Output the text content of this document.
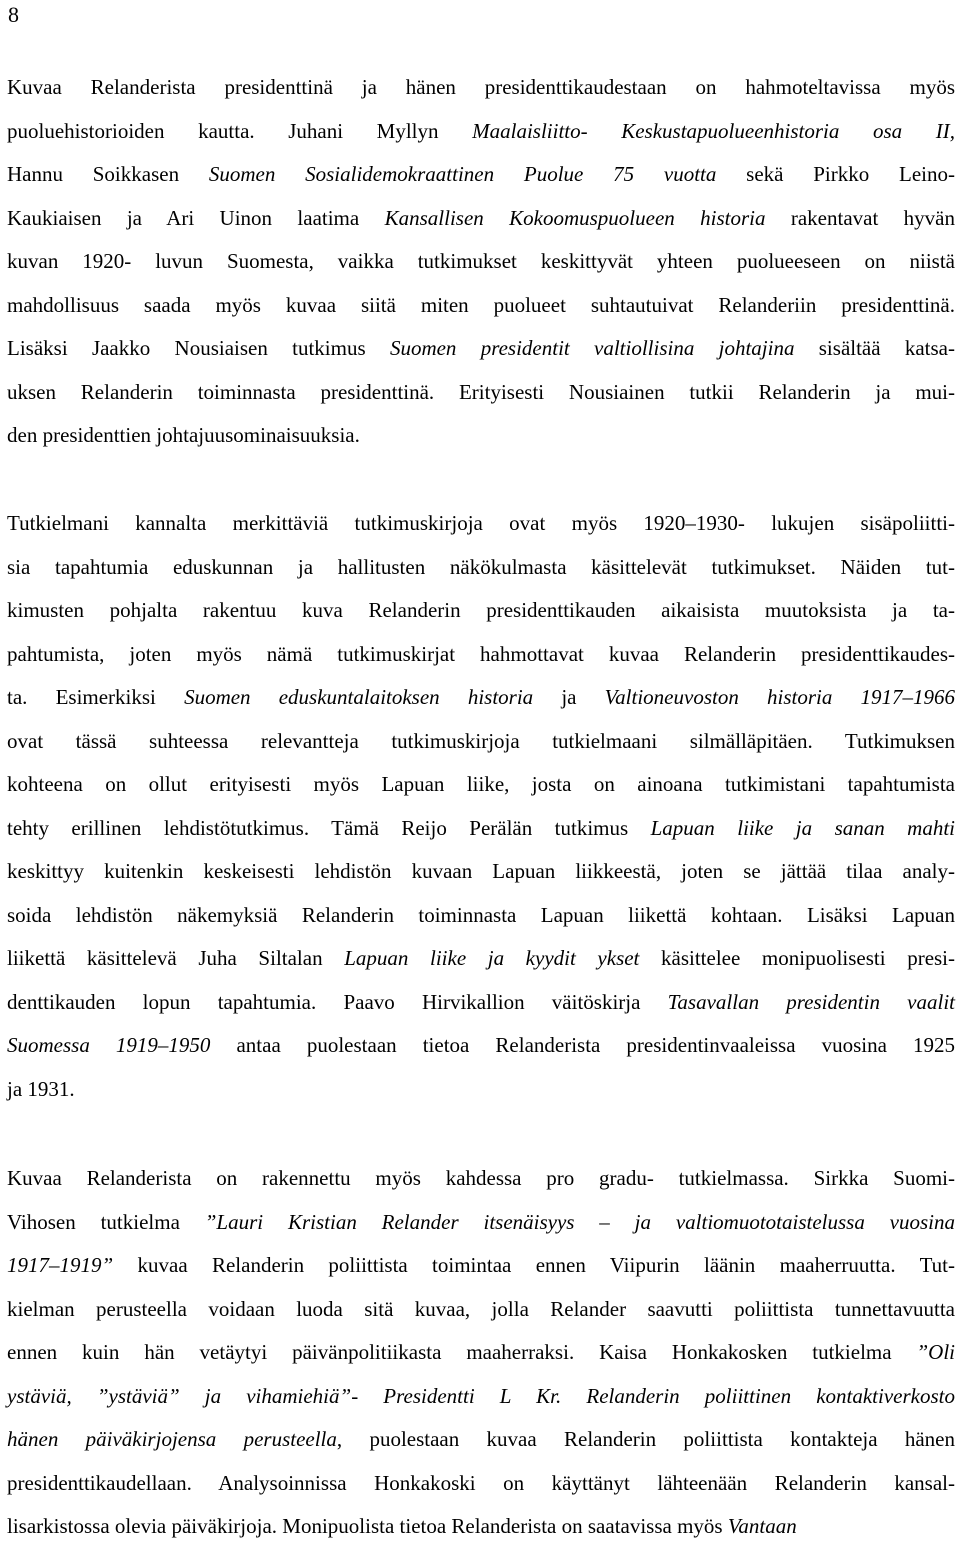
8
Kuvaa Relanderista presidenttinä ja hänen presidenttikaudestaan on hahmoteltavissa myös
puoluehistorioiden kautta. Juhani Myllyn Maalaisliitto- Keskustapuolueenhistoria osa II,
Hannu Soikkasen Suomen Sosialidemokraattinen Puolue 75 vuotta sekä Pirkko Leino-
Kaukiaisen ja Ari Uinon laatima Kansallisen Kokoomuspuolueen historia rakentavat hyvän
kuvan 1920- luvun Suomesta, vaikka tutkimukset keskittyvät yhteen puolueeseen on niistä
mahdollisuus saada myös kuvaa siitä miten puolueet suhtautuivat Relanderiin presidenttinä.
Lisäksi Jaakko Nousiaisen tutkimus Suomen presidentit valtiollisina johtajina sisältää katsa-
uksen Relanderin toiminnasta presidenttinä. Erityisesti Nousiainen tutkii Relanderin ja mui-
den presidenttien johtajuusominaisuuksia.
Tutkielmani kannalta merkittäviä tutkimuskirjoja ovat myös 1920–1930- lukujen sisäpoliitti-
sia tapahtumia eduskunnan ja hallitusten näkökulmasta käsittelevät tutkimukset. Näiden tut-
kimusten pohjalta rakentuu kuva Relanderin presidenttikauden aikaisista muutoksista ja ta-
pahtumista, joten myös nämä tutkimuskirjat hahmottavat kuvaa Relanderin presidenttikaudes-
ta. Esimerkiksi Suomen eduskuntalaitoksen historia ja Valtioneuvoston historia 1917–1966
ovat tässä suhteessa relevantteja tutkimuskirjoja tutkielmaani silmälläpitäen. Tutkimuksen
kohteena on ollut erityisesti myös Lapuan liike, josta on ainoana tutkimistani tapahtumista
tehty erillinen lehdistötutkimus. Tämä Reijo Perälän tutkimus Lapuan liike ja sanan mahti
keskittyy kuitenkin keskeisesti lehdistön kuvaan Lapuan liikkeestä, joten se jättää tilaa analy-
soida lehdistön näkemyksiä Relanderin toiminnasta Lapuan liikettä kohtaan. Lisäksi Lapuan
liikettä käsittelevä Juha Siltalan Lapuan liike ja kyydit ykset käsittelee monipuolisesti presi-
denttikauden lopun tapahtumia. Paavo Hirvikallion väitöskirja Tasavallan presidentin vaalit
Suomessa 1919–1950 antaa puolestaan tietoa Relanderista presidentinvaaleissa vuosina 1925
ja 1931.
Kuvaa Relanderista on rakennettu myös kahdessa pro gradu- tutkielmassa. Sirkka Suomi-
Vihosen tutkielma ”Lauri Kristian Relander itsenäisyys – ja valtiomuototaistelussa vuosina
1917–1919” kuvaa Relanderin poliittista toimintaa ennen Viipurin läänin maaherruutta. Tut-
kielman perusteella voidaan luoda sitä kuvaa, jolla Relander saavutti poliittista tunnettavuutta
ennen kuin hän vetäytyi päivänpolitiikasta maaherraksi. Kaisa Honkakosken tutkielma ”Oli
ystäviä, ”ystäviä” ja vihamiehiä”- Presidentti L Kr. Relanderin poliittinen kontaktiverkosto
hänen päiväkirjojensa perusteella, puolestaan kuvaa Relanderin poliittista kontakteja hänen
presidenttikaudellaan. Analysoinnissa Honkakoski on käyttänyt lähteenään Relanderin kansal-
lisarkistossa olevia päiväkirjoja. Monipuolista tietoa Relanderista on saatavissa myös Vantaan
